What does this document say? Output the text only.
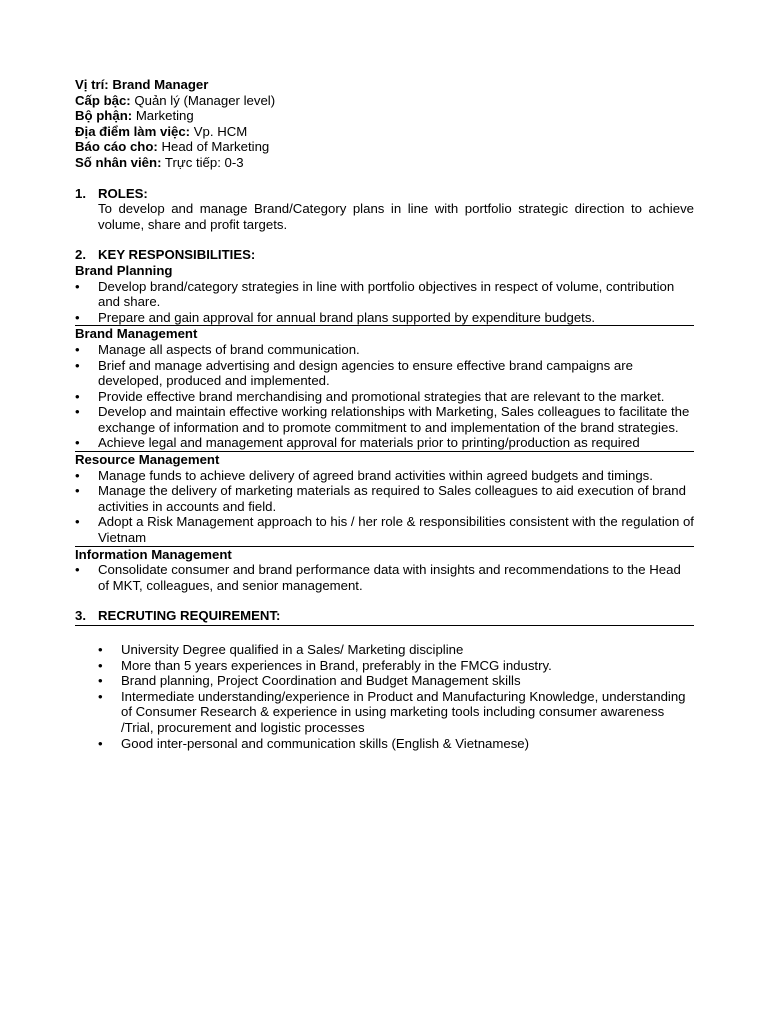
Vị trí: Brand Manager
Cấp bậc: Quản lý (Manager level)
Bộ phận: Marketing
Địa điểm làm việc: Vp. HCM
Báo cáo cho: Head of Marketing
Số nhân viên: Trực tiếp: 0-3
1. ROLES:
To develop and manage Brand/Category plans in line with portfolio strategic direction to achieve volume, share and profit targets.
2. KEY RESPONSIBILITIES:
Brand Planning
• Develop brand/category strategies in line with portfolio objectives in respect of volume, contribution and share.
• Prepare and gain approval for annual brand plans supported by expenditure budgets.
Brand Management
• Manage all aspects of brand communication.
• Brief and manage advertising and design agencies to ensure effective brand campaigns are developed, produced and implemented.
• Provide effective brand merchandising and promotional strategies that are relevant to the market.
• Develop and maintain effective working relationships with Marketing, Sales colleagues to facilitate the exchange of information and to promote commitment to and implementation of the brand strategies.
• Achieve legal and management approval for materials prior to printing/production as required
Resource Management
• Manage funds to achieve delivery of agreed brand activities within agreed budgets and timings.
• Manage the delivery of marketing materials as required to Sales colleagues to aid execution of brand activities in accounts and field.
• Adopt a Risk Management approach to his / her role & responsibilities consistent with the regulation of Vietnam
Information Management
• Consolidate consumer and brand performance data with insights and recommendations to the Head of MKT, colleagues, and senior management.
3. RECRUTING REQUIREMENT:
• University Degree qualified in a Sales/ Marketing discipline
• More than 5 years experiences in Brand, preferably in the FMCG industry.
• Brand planning, Project Coordination and Budget Management skills
• Intermediate understanding/experience in Product and Manufacturing Knowledge, understanding of Consumer Research & experience in using marketing tools including consumer awareness /Trial, procurement and logistic processes
• Good inter-personal and communication skills (English & Vietnamese)
